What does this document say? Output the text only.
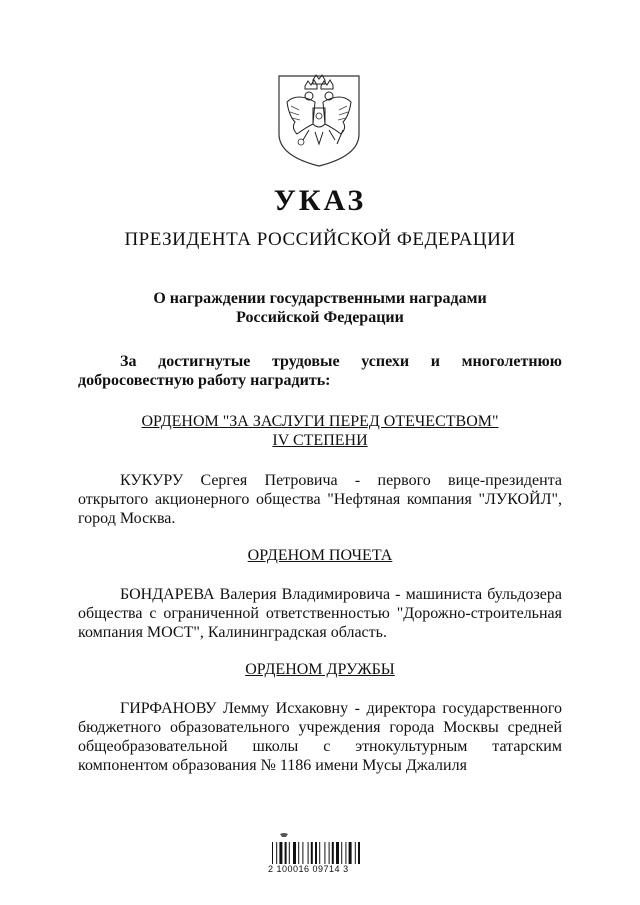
УКАЗ
ПРЕЗИДЕНТА РОССИЙСКОЙ ФЕДЕРАЦИИ
О награждении государственными наградами
Российской Федерации
За достигнутые трудовые успехи и многолетнюю добросовестную работу наградить:
ОРДЕНОМ "ЗА ЗАСЛУГИ ПЕРЕД ОТЕЧЕСТВОМ"
IV СТЕПЕНИ
КУКУРУ Сергея Петровича - первого вице-президента открытого акционерного общества "Нефтяная компания "ЛУКОЙЛ", город Москва.
ОРДЕНОМ ПОЧЕТА
БОНДАРЕВА Валерия Владимировича - машиниста бульдозера общества с ограниченной ответственностью "Дорожно-строительная компания МОСТ", Калининградская область.
ОРДЕНОМ ДРУЖБЫ
ГИРФАНОВУ Лемму Исхаковну - директора государственного бюджетного образовательного учреждения города Москвы средней общеобразовательной школы с этнокультурным татарским компонентом образования № 1186 имени Мусы Джалиля
2 100016 09714 3
